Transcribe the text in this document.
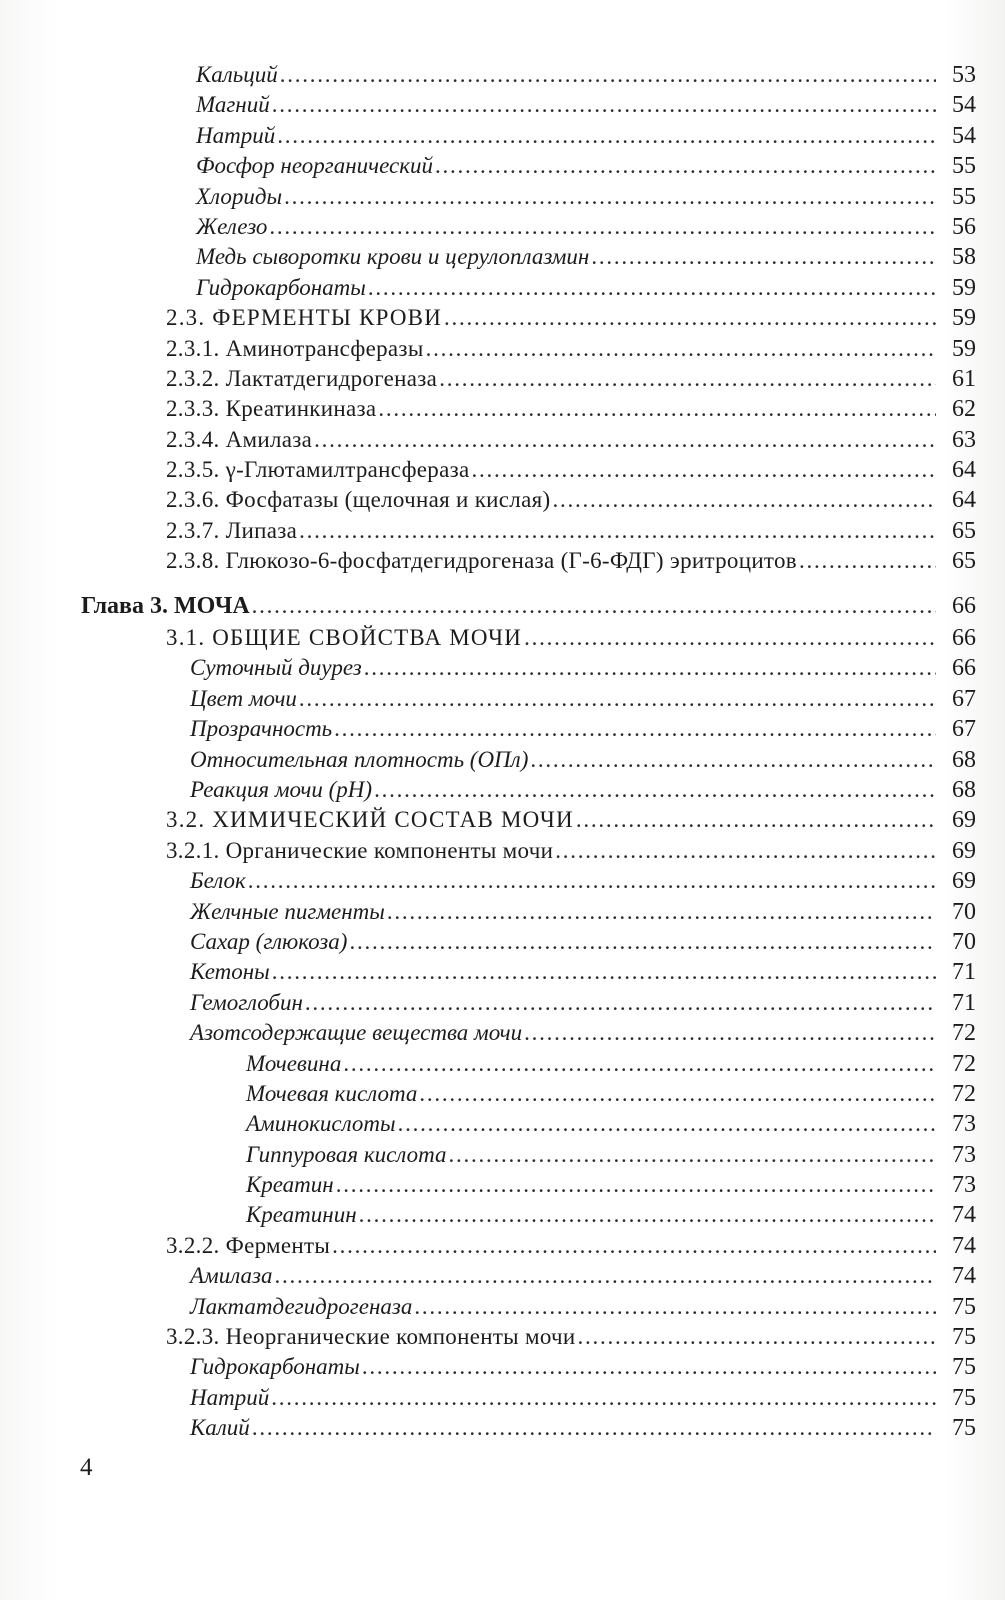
Кальций . . .	53
Магний . . .	54
Натрий . . .	54
Фосфор неорганический . . .	55
Хлориды . . .	55
Железо . . .	56
Медь сыворотки крови и церулоплазмин . . .	58
Гидрокарбонаты . . .	59
2.3. ФЕРМЕНТЫ КРОВИ . . .	59
2.3.1. Аминотрансферазы . . .	59
2.3.2. Лактатдегидрогеназа . . .	61
2.3.3. Креатинкиназа . . .	62
2.3.4. Амилаза . . .	63
2.3.5. γ-Глютамилтрансфераза . . .	64
2.3.6. Фосфатазы (щелочная и кислая) . . .	64
2.3.7. Липаза . . .	65
2.3.8. Глюкозо-6-фосфатдегидрогеназа (Г-6-ФДГ) эритроцитов . . .	65
Глава 3. МОЧА . . .	66
3.1. ОБЩИЕ СВОЙСТВА МОЧИ . . .	66
Суточный диурез . . .	66
Цвет мочи . . .	67
Прозрачность . . .	67
Относительная плотность (ОПл) . . .	68
Реакция мочи (pH) . . .	68
3.2. ХИМИЧЕСКИЙ СОСТАВ МОЧИ . . .	69
3.2.1. Органические компоненты мочи . . .	69
Белок . . .	69
Желчные пигменты . . .	70
Сахар (глюкоза) . . .	70
Кетоны . . .	71
Гемоглобин . . .	71
Азотсодержащие вещества мочи . . .	72
Мочевина . . .	72
Мочевая кислота . . .	72
Аминокислоты . . .	73
Гиппуровая кислота . . .	73
Креатин . . .	73
Креатинин . . .	74
3.2.2. Ферменты . . .	74
Амилаза . . .	74
Лактатдегидрогеназа . . .	75
3.2.3. Неорганические компоненты мочи . . .	75
Гидрокарбонаты . . .	75
Натрий . . .	75
Калий . . .	75
4
